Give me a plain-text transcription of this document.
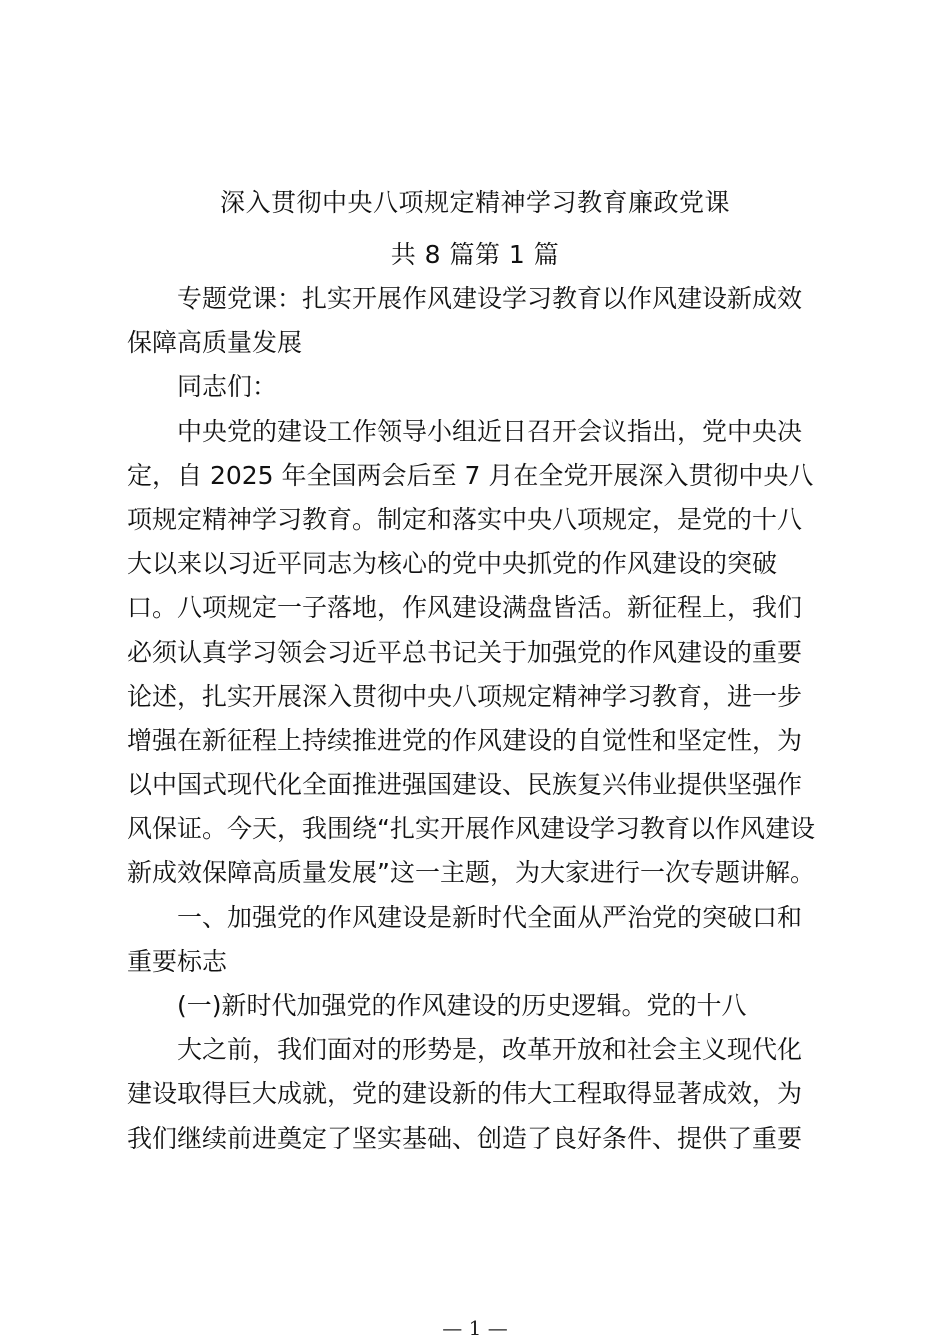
深入贯彻中央八项规定精神学习教育廉政党课
共 8 篇第 1 篇
专题党课：扎实开展作风建设学习教育以作风建设新成效
保障高质量发展
同志们：
中央党的建设工作领导小组近日召开会议指出，党中央决
定，自 2025 年全国两会后至 7 月在全党开展深入贯彻中央八
项规定精神学习教育。制定和落实中央八项规定，是党的十八
大以来以习近平同志为核心的党中央抓党的作风建设的突破
口。八项规定一子落地，作风建设满盘皆活。新征程上，我们
必须认真学习领会习近平总书记关于加强党的作风建设的重要
论述，扎实开展深入贯彻中央八项规定精神学习教育，进一步
增强在新征程上持续推进党的作风建设的自觉性和坚定性，为
以中国式现代化全面推进强国建设、民族复兴伟业提供坚强作
风保证。今天，我围绕“扎实开展作风建设学习教育以作风建设
新成效保障高质量发展”这一主题，为大家进行一次专题讲解。
一、加强党的作风建设是新时代全面从严治党的突破口和
重要标志
(一)新时代加强党的作风建设的历史逻辑。党的十八
大之前，我们面对的形势是，改革开放和社会主义现代化
建设取得巨大成就，党的建设新的伟大工程取得显著成效，为
我们继续前进奠定了坚实基础、创造了良好条件、提供了重要
— 1 —
